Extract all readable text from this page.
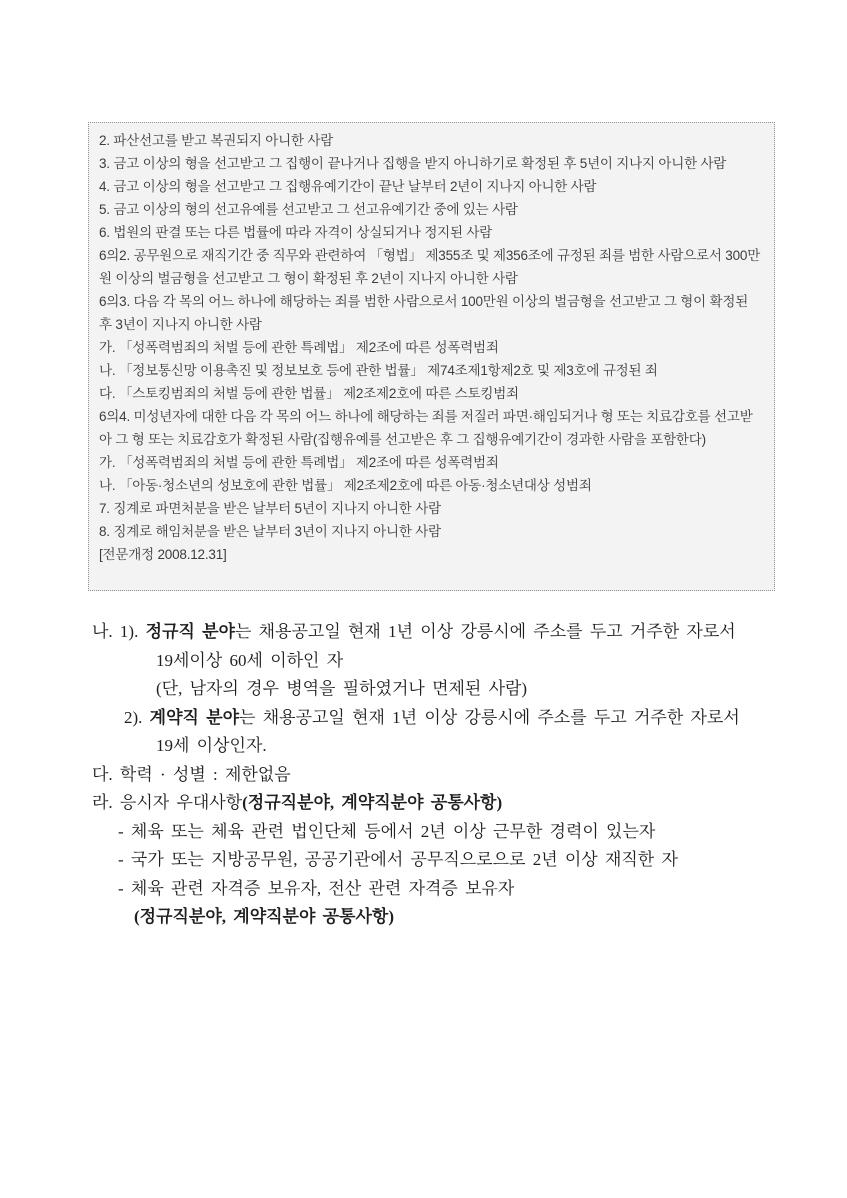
2. 파산선고를 받고 복권되지 아니한 사람
3. 금고 이상의 형을 선고받고 그 집행이 끝나거나 집행을 받지 아니하기로 확정된 후 5년이 지나지 아니한 사람
4. 금고 이상의 형을 선고받고 그 집행유예기간이 끝난 날부터 2년이 지나지 아니한 사람
5. 금고 이상의 형의 선고유예를 선고받고 그 선고유예기간 중에 있는 사람
6. 법원의 판결 또는 다른 법률에 따라 자격이 상실되거나 정지된 사람
6의2. 공무원으로 재직기간 중 직무와 관련하여 「형법」 제355조 및 제356조에 규정된 죄를 범한 사람으로서 300만원 이상의 벌금형을 선고받고 그 형이 확정된 후 2년이 지나지 아니한 사람
6의3. 다음 각 목의 어느 하나에 해당하는 죄를 범한 사람으로서 100만원 이상의 벌금형을 선고받고 그 형이 확정된 후 3년이 지나지 아니한 사람
가. 「성폭력범죄의 처벌 등에 관한 특례법」 제2조에 따른 성폭력범죄
나. 「정보통신망 이용촉진 및 정보보호 등에 관한 법률」 제74조제1항제2호 및 제3호에 규정된 죄
다. 「스토킹범죄의 처벌 등에 관한 법률」 제2조제2호에 따른 스토킹범죄
6의4. 미성년자에 대한 다음 각 목의 어느 하나에 해당하는 죄를 저질러 파면·해임되거나 형 또는 치료감호를 선고받아 그 형 또는 치료감호가 확정된 사람(집행유예를 선고받은 후 그 집행유예기간이 경과한 사람을 포함한다)
가. 「성폭력범죄의 처벌 등에 관한 특례법」 제2조에 따른 성폭력범죄
나. 「아동·청소년의 성보호에 관한 법률」 제2조제2호에 따른 아동·청소년대상 성범죄
7. 징계로 파면처분을 받은 날부터 5년이 지나지 아니한 사람
8. 징계로 해임처분을 받은 날부터 3년이 지나지 아니한 사람
[전문개정 2008.12.31]
나. 1). 정규직 분야는 채용공고일 현재 1년 이상 강릉시에 주소를 두고 거주한 자로서
19세이상 60세 이하인 자
(단, 남자의 경우 병역을 필하였거나 면제된 사람)
2). 계약직 분야는 채용공고일 현재 1년 이상 강릉시에 주소를 두고 거주한 자로서
19세 이상인자.
다. 학력 · 성별 : 제한없음
라. 응시자 우대사항(정규직분야, 계약직분야 공통사항)
- 체육 또는 체육 관련 법인단체 등에서 2년 이상 근무한 경력이 있는자
- 국가 또는 지방공무원, 공공기관에서 공무직으로으로 2년 이상 재직한 자
- 체육 관련 자격증 보유자, 전산 관련 자격증 보유자
(정규직분야, 계약직분야 공통사항)
